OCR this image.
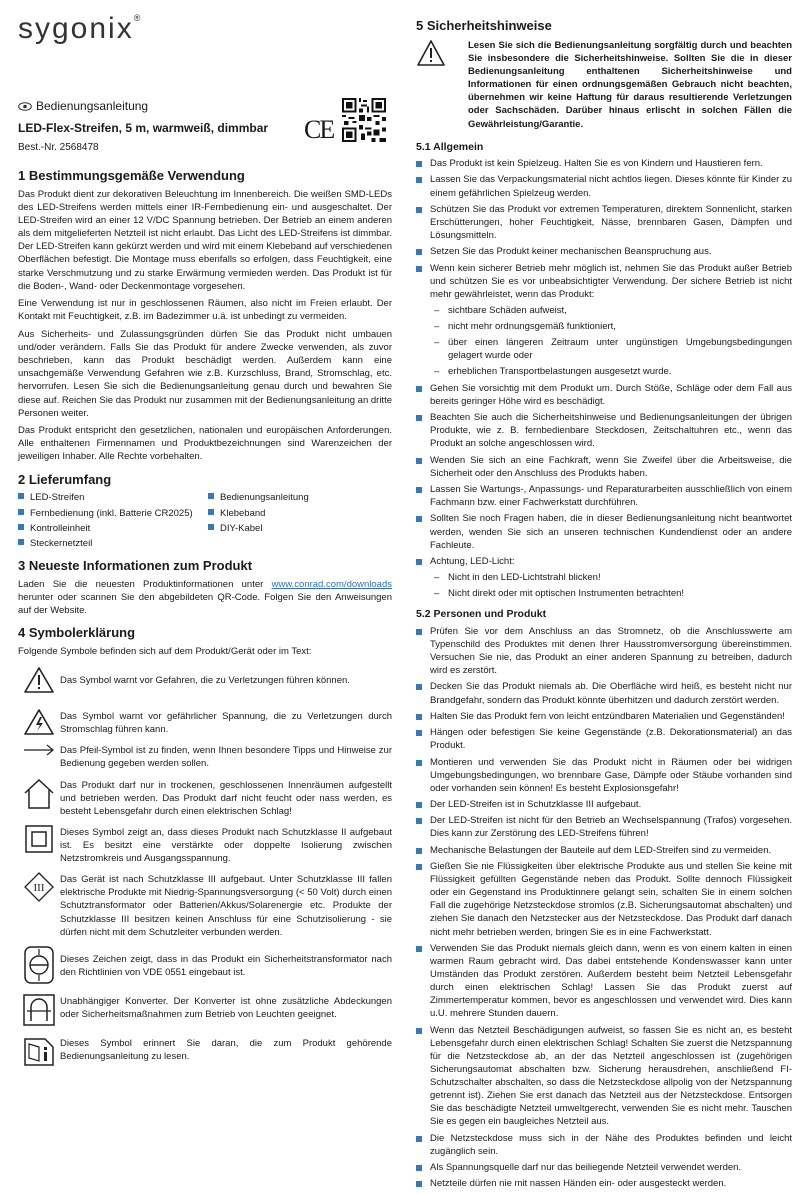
sygonix®
Bedienungsanleitung
LED-Flex-Streifen, 5 m, warmweiß, dimmbar
Best.-Nr. 2568478
CE
1 Bestimmungsgemäße Verwendung

Das Produkt dient zur dekorativen Beleuchtung im Innenbereich. Die weißen SMD-LEDs des LED-Streifens werden mittels einer IR-Fernbedienung ein- und ausgeschaltet. Der LED-Streifen wird an einer 12 V/DC Spannung betrieben. Der Betrieb an einem anderen als dem mitgelieferten Netzteil ist nicht erlaubt. Das Licht des LED-Streifens ist dimmbar. Der LED-Streifen kann gekürzt werden und wird mit einem Klebeband auf verschiedenen Oberflächen befestigt. Die Montage muss ebenfalls so erfolgen, dass Feuchtigkeit, eine starke Verschmutzung und zu starke Erwärmung vermieden werden. Das Produkt ist für die Boden-, Wand- oder Deckenmontage vorgesehen.

Eine Verwendung ist nur in geschlossenen Räumen, also nicht im Freien erlaubt. Der Kontakt mit Feuchtigkeit, z.B. im Badezimmer u.ä. ist unbedingt zu vermeiden.

Aus Sicherheits- und Zulassungsgründen dürfen Sie das Produkt nicht umbauen und/oder verändern. Falls Sie das Produkt für andere Zwecke verwenden, als zuvor beschrieben, kann das Produkt beschädigt werden. Außerdem kann eine unsachgemäße Verwendung Gefahren wie z.B. Kurzschluss, Brand, Stromschlag, etc. hervorrufen. Lesen Sie sich die Bedienungsanleitung genau durch und bewahren Sie diese auf. Reichen Sie das Produkt nur zusammen mit der Bedienungsanleitung an dritte Personen weiter.

Das Produkt entspricht den gesetzlichen, nationalen und europäischen Anforderungen. Alle enthaltenen Firmennamen und Produktbezeichnungen sind Warenzeichen der jeweiligen Inhaber. Alle Rechte vorbehalten.

2 Lieferumfang
LED-Streifen	Bedienungsanleitung
Fernbedienung (inkl. Batterie CR2025)	Klebeband
Kontrolleinheit	DIY-Kabel
Steckernetzteil
3 Neueste Informationen zum Produkt

Laden Sie die neuesten Produktinformationen unter www.conrad.com/downloads herunter oder scannen Sie den abgebildeten QR-Code. Folgen Sie den Anweisungen auf der Website.

4 Symbolerklärung

Folgende Symbole befinden sich auf dem Produkt/Gerät oder im Text:

Das Symbol warnt vor Gefahren, die zu Verletzungen führen können.
Das Symbol warnt vor gefährlicher Spannung, die zu Verletzungen durch Stromschlag führen kann.
Das Pfeil-Symbol ist zu finden, wenn Ihnen besondere Tipps und Hinweise zur Bedienung gegeben werden sollen.
Das Produkt darf nur in trockenen, geschlossenen Innenräumen aufgestellt und betrieben werden. Das Produkt darf nicht feucht oder nass werden, es besteht Lebensgefahr durch einen elektrischen Schlag!
Dieses Symbol zeigt an, dass dieses Produkt nach Schutzklasse II aufgebaut ist. Es besitzt eine verstärkte oder doppelte Isolierung zwischen Netzstromkreis und Ausgangsspannung.
III
Das Gerät ist nach Schutzklasse III aufgebaut. Unter Schutzklasse III fallen elektrische Produkte mit Niedrig-Spannungsversorgung (< 50 Volt) durch einen Schutztransformator oder Batterien/Akkus/Solarenergie etc. Produkte der Schutzklasse III besitzen keinen Anschluss für eine Schutzisolierung - sie dürfen nicht mit dem Schutzleiter verbunden werden.
Dieses Zeichen zeigt, dass in das Produkt ein Sicherheitstransformator nach den Richtlinien von VDE 0551 eingebaut ist.
Unabhängiger Konverter. Der Konverter ist ohne zusätzliche Abdeckungen oder Sicherheitsmaßnahmen zum Betrieb von Leuchten geeignet.
Dieses Symbol erinnert Sie daran, die zum Produkt gehörende Bedienungsanleitung zu lesen.
5 Sicherheitshinweise
Lesen Sie sich die Bedienungsanleitung sorgfältig durch und beachten Sie insbesondere die Sicherheitshinweise. Sollten Sie die in dieser Bedienungsanleitung enthaltenen Sicherheitshinweise und Informationen für einen ordnungsgemäßen Gebrauch nicht beachten, übernehmen wir keine Haftung für daraus resultierende Verletzungen oder Sachschäden. Darüber hinaus erlischt in solchen Fällen die Gewährleistung/Garantie.
5.1 Allgemein
Das Produkt ist kein Spielzeug. Halten Sie es von Kindern und Haustieren fern.
Lassen Sie das Verpackungsmaterial nicht achtlos liegen. Dieses könnte für Kinder zu einem gefährlichen Spielzeug werden.
Schützen Sie das Produkt vor extremen Temperaturen, direktem Sonnenlicht, starken Erschütterungen, hoher Feuchtigkeit, Nässe, brennbaren Gasen, Dämpfen und Lösungsmitteln.
Setzen Sie das Produkt keiner mechanischen Beanspruchung aus.
Wenn kein sicherer Betrieb mehr möglich ist, nehmen Sie das Produkt außer Betrieb und schützen Sie es vor unbeabsichtigter Verwendung. Der sichere Betrieb ist nicht mehr gewährleistet, wenn das Produkt:
– sichtbare Schäden aufweist,
– nicht mehr ordnungsgemäß funktioniert,
– über einen längeren Zeitraum unter ungünstigen Umgebungsbedingungen gelagert wurde oder
– erheblichen Transportbelastungen ausgesetzt wurde.
Gehen Sie vorsichtig mit dem Produkt um. Durch Stöße, Schläge oder dem Fall aus bereits geringer Höhe wird es beschädigt.
Beachten Sie auch die Sicherheitshinweise und Bedienungsanleitungen der übrigen Produkte, wie z. B. fernbedienbare Steckdosen, Zeitschaltuhren etc., wenn das Produkt an solche angeschlossen wird.
Wenden Sie sich an eine Fachkraft, wenn Sie Zweifel über die Arbeitsweise, die Sicherheit oder den Anschluss des Produkts haben.
Lassen Sie Wartungs-, Anpassungs- und Reparaturarbeiten ausschließlich von einem Fachmann bzw. einer Fachwerkstatt durchführen.
Sollten Sie noch Fragen haben, die in dieser Bedienungsanleitung nicht beantwortet werden, wenden Sie sich an unseren technischen Kundendienst oder an andere Fachleute.
Achtung, LED-Licht:
– Nicht in den LED-Lichtstrahl blicken!
– Nicht direkt oder mit optischen Instrumenten betrachten!
5.2 Personen und Produkt
Prüfen Sie vor dem Anschluss an das Stromnetz, ob die Anschlusswerte am Typenschild des Produktes mit denen Ihrer Hausstromversorgung übereinstimmen. Versuchen Sie nie, das Produkt an einer anderen Spannung zu betreiben, dadurch wird es zerstört.
Decken Sie das Produkt niemals ab. Die Oberfläche wird heiß, es besteht nicht nur Brandgefahr, sondern das Produkt könnte überhitzen und dadurch zerstört werden.
Halten Sie das Produkt fern von leicht entzündbaren Materialien und Gegenständen!
Hängen oder befestigen Sie keine Gegenstände (z.B. Dekorationsmaterial) an das Produkt.
Montieren und verwenden Sie das Produkt nicht in Räumen oder bei widrigen Umgebungsbedingungen, wo brennbare Gase, Dämpfe oder Stäube vorhanden sind oder vorhanden sein können! Es besteht Explosionsgefahr!
Der LED-Streifen ist in Schutzklasse III aufgebaut.
Der LED-Streifen ist nicht für den Betrieb an Wechselspannung (Trafos) vorgesehen. Dies kann zur Zerstörung des LED-Streifens führen!
Mechanische Belastungen der Bauteile auf dem LED-Streifen sind zu vermeiden.
Gießen Sie nie Flüssigkeiten über elektrische Produkte aus und stellen Sie keine mit Flüssigkeit gefüllten Gegenstände neben das Produkt. Sollte dennoch Flüssigkeit oder ein Gegenstand ins Produktinnere gelangt sein, schalten Sie in einem solchen Fall die zugehörige Netzsteckdose stromlos (z.B. Sicherungsautomat abschalten) und ziehen Sie danach den Netzstecker aus der Netzsteckdose. Das Produkt darf danach nicht mehr betrieben werden, bringen Sie es in eine Fachwerkstatt.
Verwenden Sie das Produkt niemals gleich dann, wenn es von einem kalten in einen warmen Raum gebracht wird. Das dabei entstehende Kondenswasser kann unter Umständen das Produkt zerstören. Außerdem besteht beim Netzteil Lebensgefahr durch einen elektrischen Schlag! Lassen Sie das Produkt zuerst auf Zimmertemperatur kommen, bevor es angeschlossen und verwendet wird. Dies kann u.U. mehrere Stunden dauern.
Wenn das Netzteil Beschädigungen aufweist, so fassen Sie es nicht an, es besteht Lebensgefahr durch einen elektrischen Schlag! Schalten Sie zuerst die Netzspannung für die Netzsteckdose ab, an der das Netzteil angeschlossen ist (zugehörigen Sicherungsautomat abschalten bzw. Sicherung herausdrehen, anschließend FI-Schutzschalter abschalten, so dass die Netzsteckdose allpolig von der Netzspannung getrennt ist). Ziehen Sie erst danach das Netzteil aus der Netzsteckdose. Entsorgen Sie das beschädigte Netzteil umweltgerecht, verwenden Sie es nicht mehr. Tauschen Sie es gegen ein baugleiches Netzteil aus.
Die Netzsteckdose muss sich in der Nähe des Produktes befinden und leicht zugänglich sein.
Als Spannungsquelle darf nur das beiliegende Netzteil verwendet werden.
Netzteile dürfen nie mit nassen Händen ein- oder ausgesteckt werden.
